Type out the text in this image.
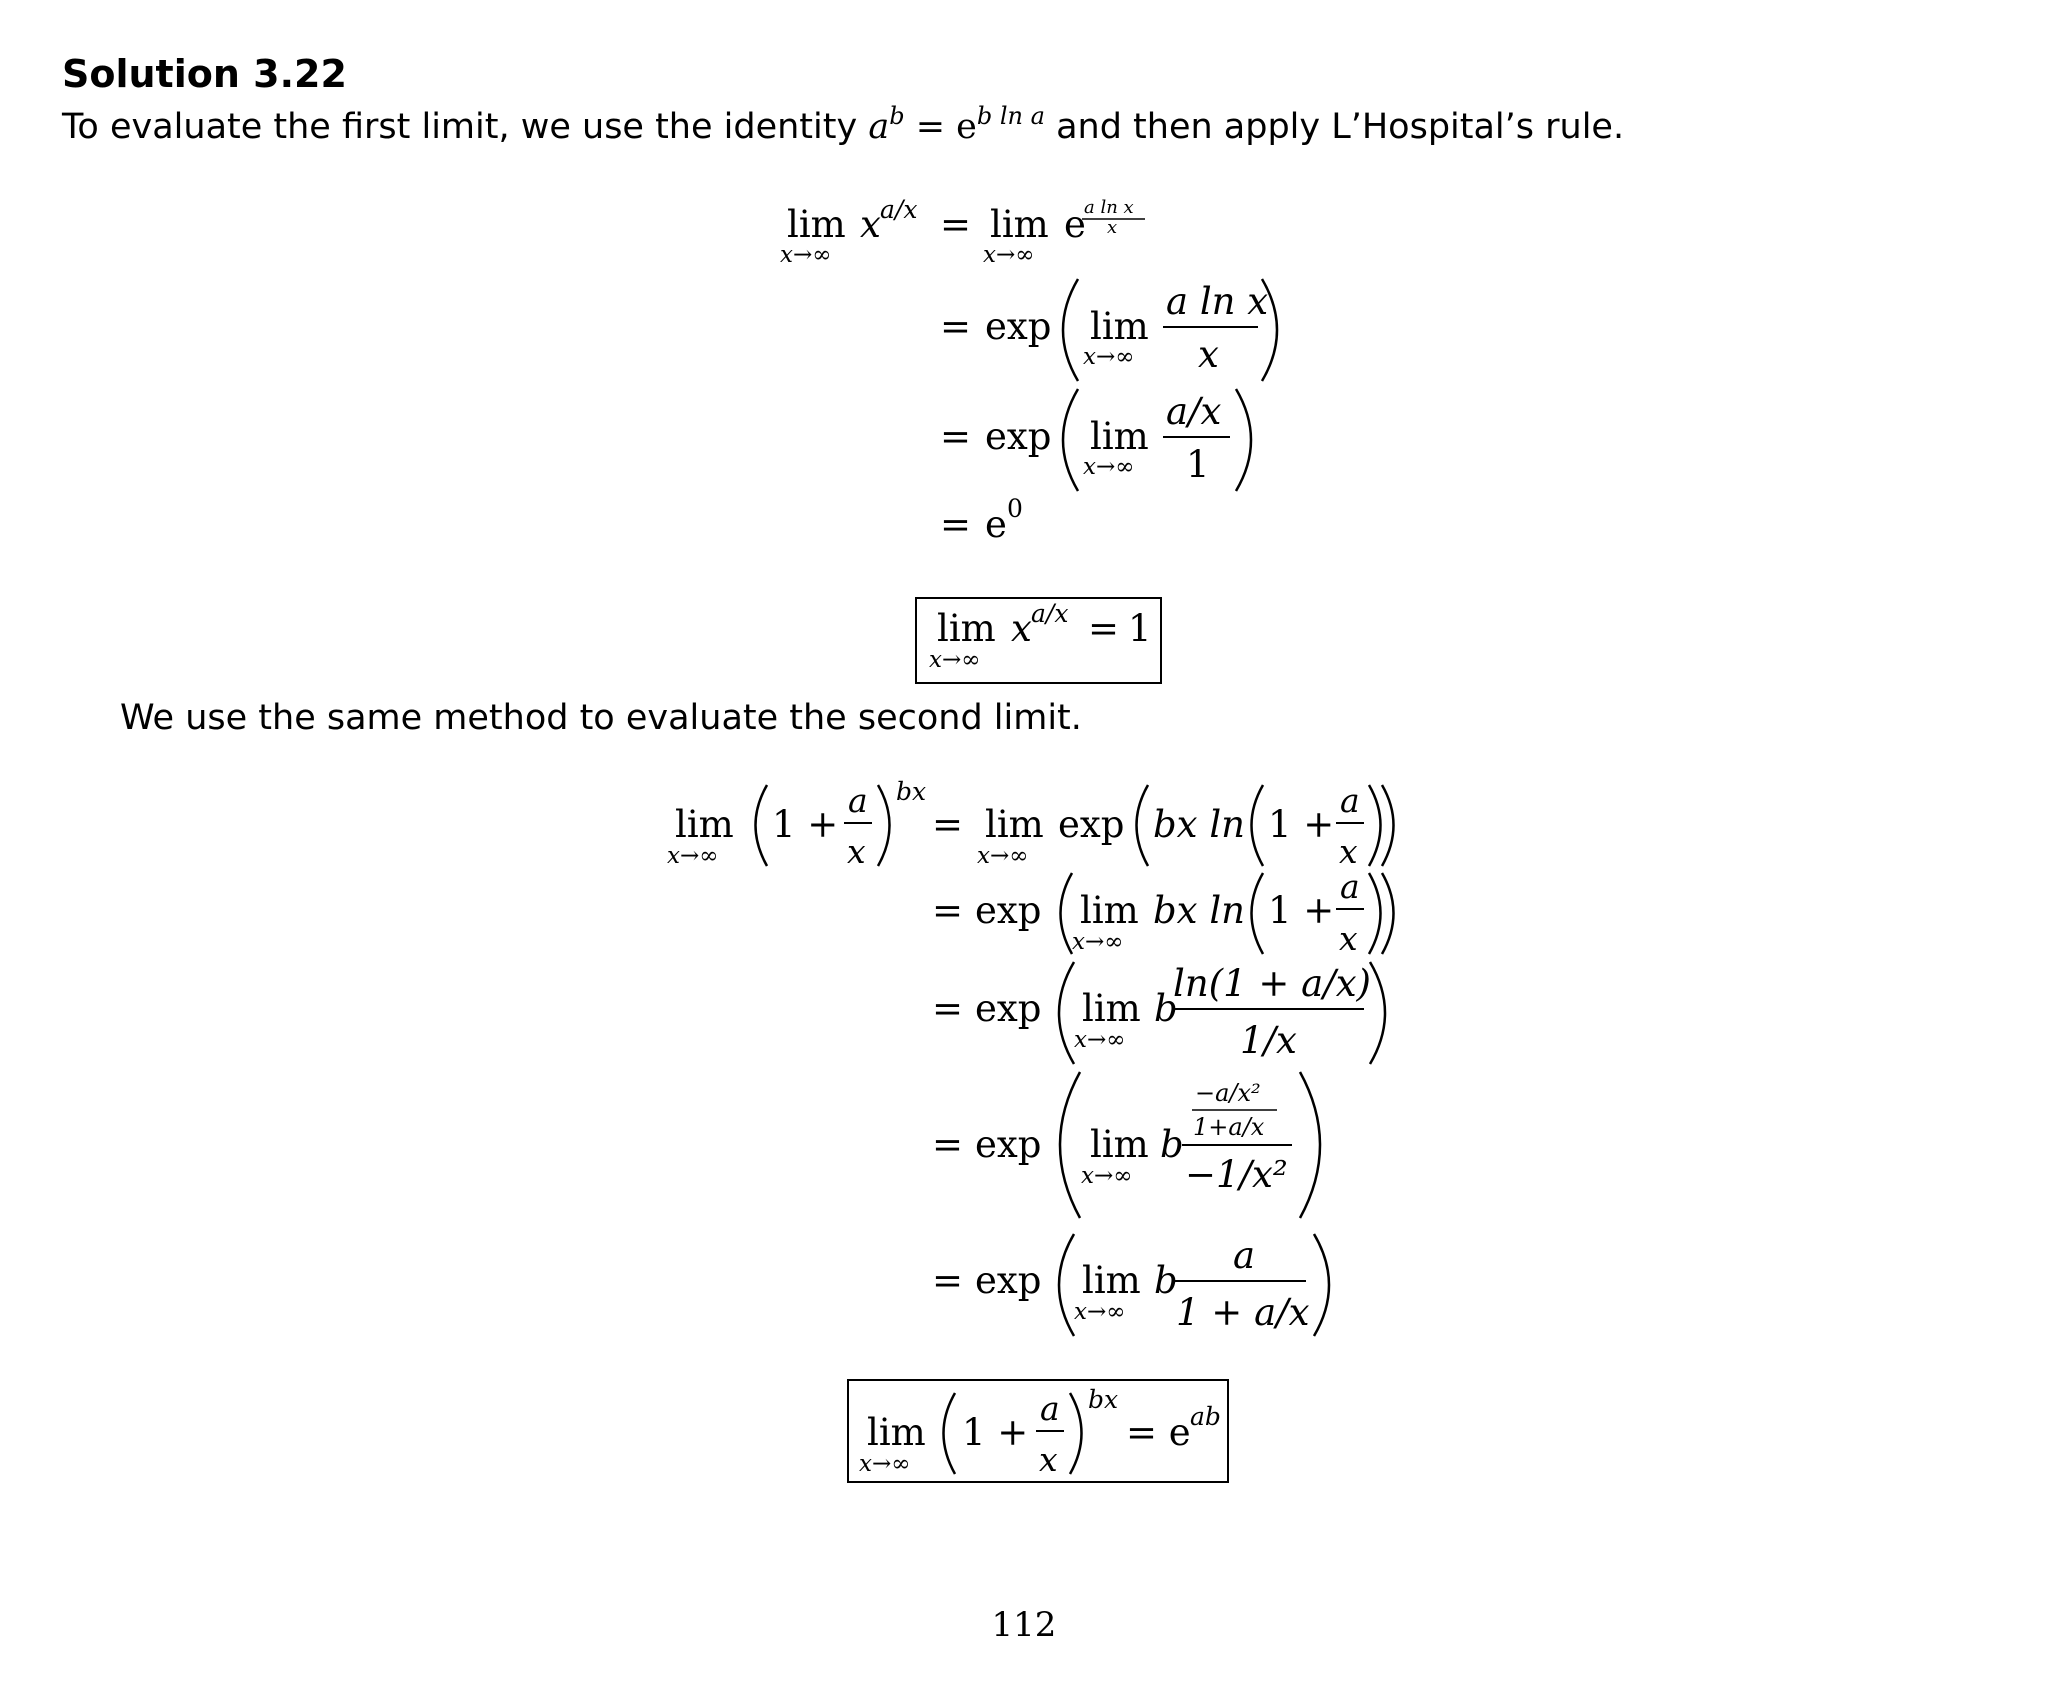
Solution 3.22
To evaluate the first limit, we use the identity $a^b = e^{b ln a}$ and then apply L’Hospital’s rule.
lim
x→∞
x a/x = lim
x→∞
e
a ln x
x
= exp lim
x→∞
a ln x
x
= exp lim
x→∞
a/x
1
= e 0
lim
x→∞
x a/x = 1
We use the same method to evaluate the second limit.
lim
x→∞
1 +
a
x
bx
= lim
x→∞
exp bx ln 1 +
a
x
= exp lim
x→∞
bx ln 1 +
a
x
= exp lim
x→∞
b
ln(1 + a/x)
1/x
= exp lim
x→∞
b
−a/x²
1+a/x
−1/x²
= exp lim
x→∞
b
a
1 + a/x
lim
x→∞
1 +
a
x
bx
= e ab
112
